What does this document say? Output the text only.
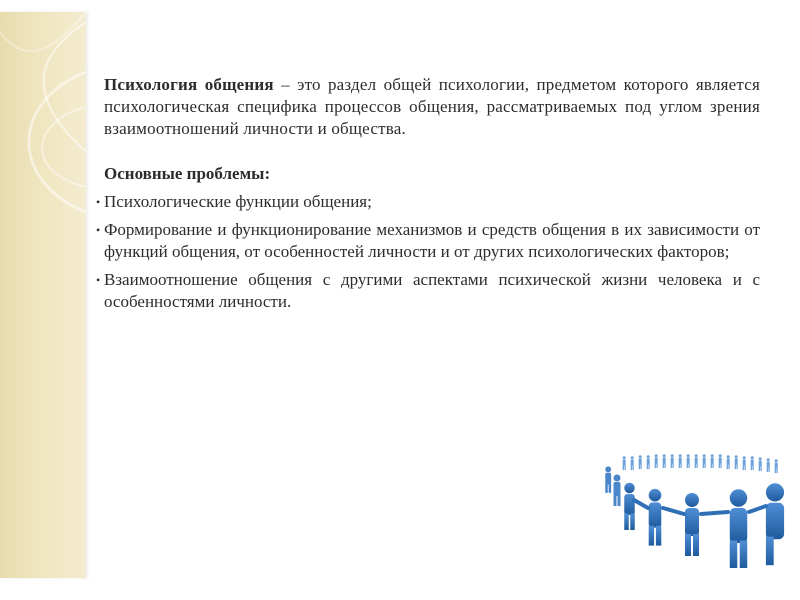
Психология общения – это раздел общей психологии, предметом которого является психологическая специфика процессов общения, рассматриваемых под углом зрения взаимоотношений личности и общества.

Основные проблемы:

• Психологические функции общения;
• Формирование и функционирование механизмов и средств общения в их зависимости от функций общения, от особенностей личности и от других психологических факторов;
• Взаимоотношение общения с другими аспектами психической жизни человека и с особенностями личности.
